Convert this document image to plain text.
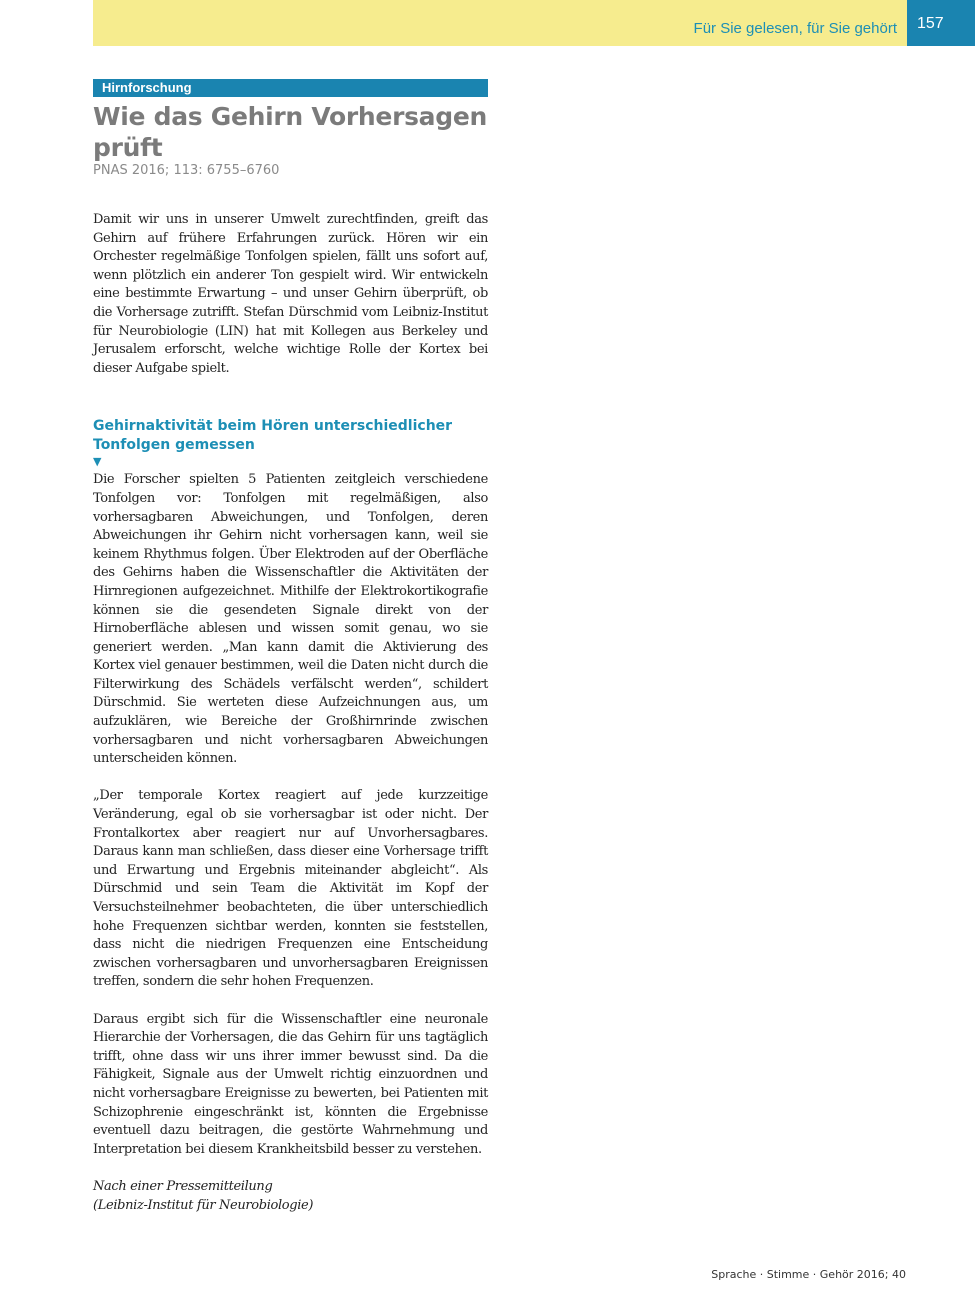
Für Sie gelesen, für Sie gehört	157
Hirnforschung
Wie das Gehirn Vorhersagen prüft
PNAS 2016; 113: 6755–6760

Damit wir uns in unserer Umwelt zurechtfinden, greift das Gehirn auf frühere Erfahrungen zurück. Hören wir ein Orchester regelmäßige Tonfolgen spielen, fällt uns sofort auf, wenn plötzlich ein anderer Ton gespielt wird. Wir entwickeln eine bestimmte Erwartung – und unser Gehirn überprüft, ob die Vorhersage zutrifft. Stefan Dürschmid vom Leibniz-Institut für Neurobiologie (LIN) hat mit Kollegen aus Berkeley und Jerusalem erforscht, welche wichtige Rolle der Kortex bei dieser Aufgabe spielt.

Gehirnaktivität beim Hören unterschiedlicher Tonfolgen gemessen
▼

Die Forscher spielten 5 Patienten zeitgleich verschiedene Tonfolgen vor: Tonfolgen mit regelmäßigen, also vorhersagbaren Abweichungen, und Tonfolgen, deren Abweichungen ihr Gehirn nicht vorhersagen kann, weil sie keinem Rhythmus folgen. Über Elektroden auf der Oberfläche des Gehirns haben die Wissenschaftler die Aktivitäten der Hirnregionen aufgezeichnet. Mithilfe der Elektrokortikografie können sie die gesendeten Signale direkt von der Hirnoberfläche ablesen und wissen somit genau, wo sie generiert werden. „Man kann damit die Aktivierung des Kortex viel genauer bestimmen, weil die Daten nicht durch die Filterwirkung des Schädels verfälscht werden“, schildert Dürschmid. Sie werteten diese Aufzeichnungen aus, um aufzuklären, wie Bereiche der Großhirnrinde zwischen vorhersagbaren und nicht vorhersagbaren Abweichungen unterscheiden können.

„Der temporale Kortex reagiert auf jede kurzzeitige Veränderung, egal ob sie vorhersagbar ist oder nicht. Der Frontalkortex aber reagiert nur auf Unvorhersagbares. Daraus kann man schließen, dass dieser eine Vorhersage trifft und Erwartung und Ergebnis miteinander abgleicht“. Als Dürschmid und sein Team die Aktivität im Kopf der Versuchsteilnehmer beobachteten, die über unterschiedlich hohe Frequenzen sichtbar werden, konnten sie feststellen, dass nicht die niedrigen Frequenzen eine Entscheidung zwischen vorhersagbaren und unvorhersagbaren Ereignissen treffen, sondern die sehr hohen Frequenzen.

Daraus ergibt sich für die Wissenschaftler eine neuronale Hierarchie der Vorhersagen, die das Gehirn für uns tagtäglich trifft, ohne dass wir uns ihrer immer bewusst sind. Da die Fähigkeit, Signale aus der Umwelt richtig einzuordnen und nicht vorhersagbare Ereignisse zu bewerten, bei Patienten mit Schizophrenie eingeschränkt ist, könnten die Ergebnisse eventuell dazu beitragen, die gestörte Wahrnehmung und Interpretation bei diesem Krankheitsbild besser zu verstehen.

Nach einer Pressemitteilung

(Leibniz-Institut für Neurobiologie)

Sprache · Stimme · Gehör 2016; 40
